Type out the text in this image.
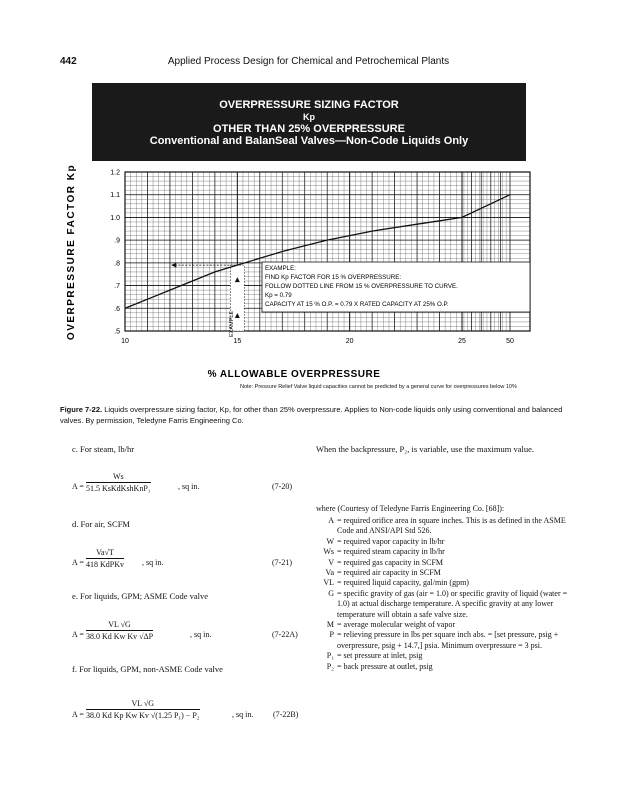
442	Applied Process Design for Chemical and Petrochemical Plants
OVERPRESSURE SIZING FACTOR
Kp
OTHER THAN 25% OVERPRESSURE
Conventional and BalanSeal Valves—Non-Code Liquids Only
.5
.6
.7
.8
.9
1.0
1.1
1.2
10	15	20	25	50
OVERPRESSURE FACTOR Kp
% ALLOWABLE OVERPRESSURE
EXAMPLE:
FIND Kp FACTOR FOR 15 % OVERPRESSURE:
FOLLOW DOTTED LINE FROM 15 % OVERPRESSURE TO CURVE.
Kp = 0.79
CAPACITY AT 15 % O.P. = 0.79 X RATED CAPACITY AT 25% O.P.
EXAMPLE
Note: Pressure Relief Valve liquid capacities cannot be predicted by a general curve for overpressures below 10%
Figure 7-22. Liquids overpressure sizing factor, Kp, for other than 25% overpressure. Applies to Non-code liquids only using conventional and balanced valves. By permission, Teledyne Farris Engineering Co.
c. For steam, lb/hr
A =
Ws
51.5 KsKdKshKnP₁	, sq in.	(7-20)
d. For air, SCFM
A =
Va√T
418 KdPKv , sq in.	(7-21)
e. For liquids, GPM; ASME Code valve
$A = \frac{VL √G}{\text{38.0 Kd Kw Kv √ΔP}}$	, sq in.	(7-22A)
f. For liquids, GPM, non-ASME Code valve
$A = \frac{VL √G}{\text{38.0 Kd Kp Kw Kv √(1.25 P₁) − P₂}}$	, sq in. (7-22B)
When the backpressure, P₂, is variable, use the maximum value.
where (Courtesy of Teledyne Farris Engineering Co. [68]):
A = required orifice area in square inches. This is as defined in the ASME Code and ANSI/API Std 526.
W = required vapor capacity in lb/hr
Ws = required steam capacity in lb/hr
V = required gas capacity in SCFM
Va = required air capacity in SCFM
VL = required liquid capacity, gal/min (gpm)
G = specific gravity of gas (air = 1.0) or specific gravity of liquid (water = 1.0) at actual discharge temperature. A specific gravity at any lower temperature will obtain a safe valve size.
M = average molecular weight of vapor
P = relieving pressure in lbs per square inch abs. = [set pressure, psig + overpressure, psig + 14.7,] psia. Minimum overpressure = 3 psi.
P₁ = set pressure at inlet, psig
P₂ = back pressure at outlet, psig
